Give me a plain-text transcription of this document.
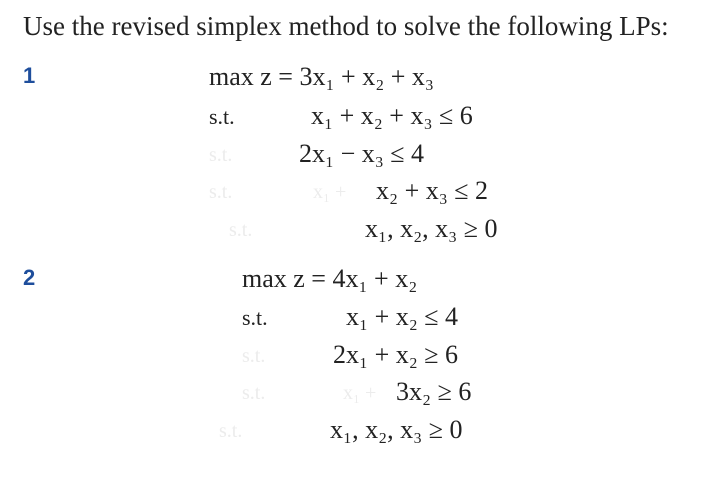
Use the revised simplex method to solve the following LPs:
1	max z = 3x₁ + x₂ + x₃
s.t.	x₁ + x₂ + x₃ ≤ 6
s.t.	2x₁ − x₃ ≤ 4
s.t.	x₁ + x₂ + x₃ ≤ 2
s.t.	x₁, x₂, x₃ ≥ 0
2	max z = 4x₁ + x₂
s.t.	x₁ + x₂ ≤ 4
s.t.	2x₁ + x₂ ≥ 6
s.t.	x₁ + 3x₂ ≥ 6
s.t.	x₁, x₂, x₃ ≥ 0
